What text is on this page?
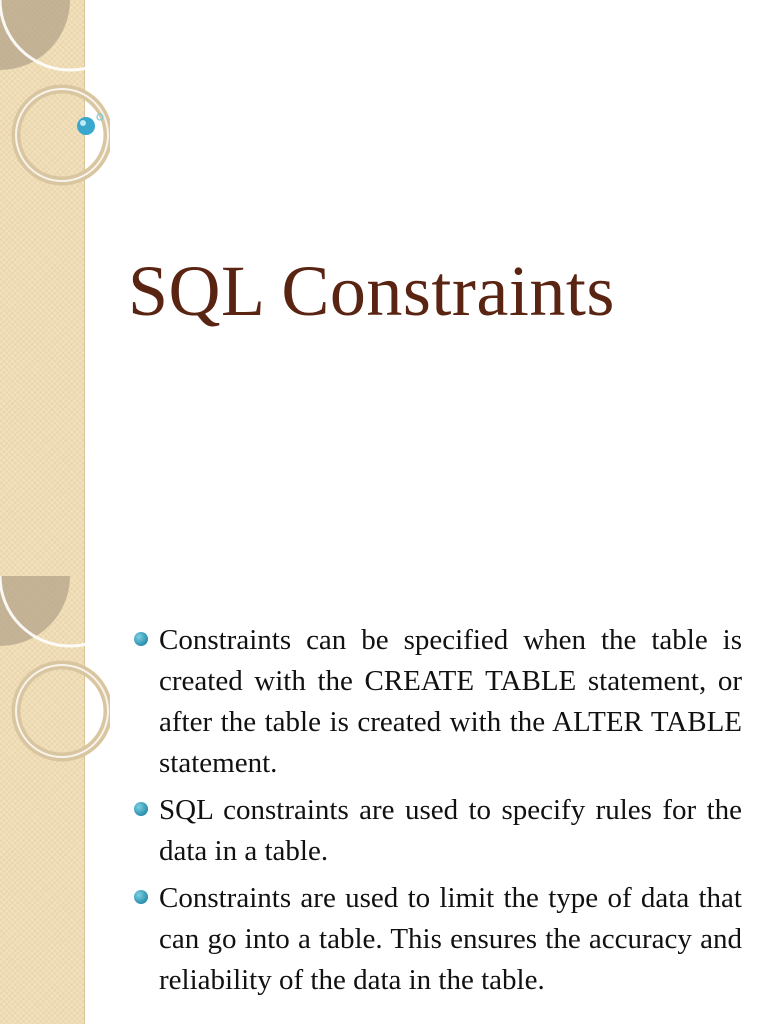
SQL Constraints
Constraints can be specified when the table is created with the CREATE TABLE statement, or after the table is created with the ALTER TABLE statement.
SQL constraints are used to specify rules for the data in a table.
Constraints are used to limit the type of data that can go into a table. This ensures the accuracy and reliability of the data in the table.
